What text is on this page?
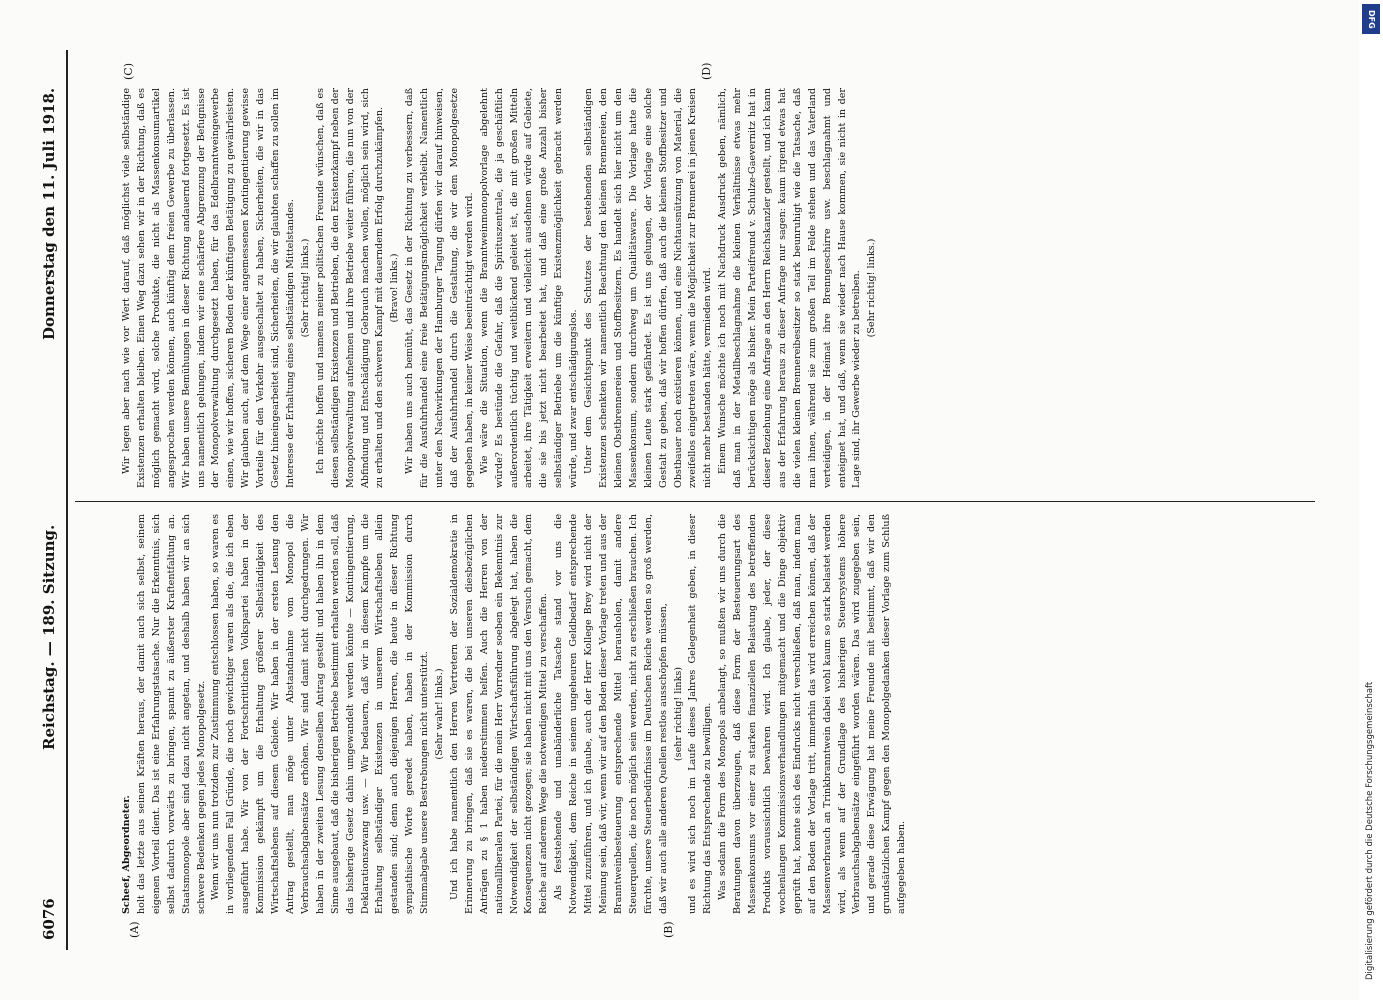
6076
Reichstag. — 189. Sitzung.
Donnerstag den 11. Juli 1918.
(A)	(B)
(C)	(D)

Scheef, Abgeordneter. holt das letzte aus seinen Kräften heraus, der damit auch sich selbst, seinem eigenen Vorteil dient. Das ist eine Erfahrungstatsache. Nur die Erkenntnis, sich selbst dadurch vorwärts zu bringen, spannt zu äußerster Kraftentfaltung an. Staatsmonopole aber sind dazu nicht angetan, und deshalb haben wir an sich schwere Bedenken gegen jedes Monopolgesetz. Wenn wir uns nun trotzdem zur Zustimmung entschlossen haben, so waren es in vorliegendem Fall Gründe, die noch gewichtiger waren als die, die ich eben ausgeführt habe. Wir von der Fortschrittlichen Volkspartei haben in der Kommission gekämpft um die Erhaltung größerer Selbständigkeit des Wirtschaftslebens auf diesem Gebiete. Wir haben in der ersten Lesung den Antrag gestellt, man möge unter Abstandnahme vom Monopol die Verbrauchsabgabensätze erhöhen. Wir sind damit nicht durchgedrungen. Wir haben in der zweiten Lesung denselben Antrag gestellt und haben ihn in dem Sinne ausgebaut, daß die bisherigen Betriebe bestimmt erhalten werden soll, daß das bisherige Gesetz dahin umgewandelt werden könnte — Kontingentierung, Deklarationszwang usw. — Wir bedauern, daß wir in diesem Kampfe um die Erhaltung selbständiger Existenzen in unserem Wirtschaftsleben allein gestanden sind; denn auch diejenigen Herren, die heute in dieser Richtung sympathische Worte geredet haben, haben in der Kommission durch Stimmabgabe unsere Bestrebungen nicht unterstützt. (Sehr wahr! links.) Und ich habe namentlich den Herren Vertretern der Sozialdemokratie in Erinnerung zu bringen, daß sie es waren, die bei unseren diesbezüglichen Anträgen zu § 1 haben niederstimmen helfen. Auch die Herren von der nationalliberalen Partei, für die mein Herr Vorredner soeben ein Bekenntnis zur Notwendigkeit der selbständigen Wirtschaftsführung abgelegt hat, haben die Konsequenzen nicht gezogen; sie haben nicht mit uns den Versuch gemacht, dem Reiche auf anderem Wege die notwendigen Mittel zu verschaffen. Als feststehende und unabänderliche Tatsache stand vor uns die Notwendigkeit, dem Reiche in seinem ungeheuren Geldbedarf entsprechende Mittel zuzuführen, und ich glaube, auch der Herr Kollege Brey wird nicht der Meinung sein, daß wir, wenn wir auf den Boden dieser Vorlage treten und aus der Branntweinbesteuerung entsprechende Mittel herausholen, damit andere Steuerquellen, die noch möglich sein werden, nicht zu erschließen brauchen. Ich fürchte, unsere Steuerbedürfnisse im Deutschen Reiche werden so groß werden, daß wir auch alle anderen Quellen restlos ausschöpfen müssen, (sehr richtig! links) und es wird sich noch im Laufe dieses Jahres Gelegenheit geben, in dieser Richtung das Entsprechende zu bewilligen. Was sodann die Form des Monopols anbelangt, so mußten wir uns durch die Beratungen davon überzeugen, daß diese Form der Besteuerungsart des Massenkonsums vor einer zu starken finanziellen Belastung des betreffenden Produkts voraussichtlich bewahren wird. Ich glaube, jeder, der diese wochenlangen Kommissionsverhandlungen mitgemacht und die Dinge objektiv geprüft hat, konnte sich des Eindrucks nicht verschließen, daß man, indem man auf den Boden der Vorlage tritt, immerhin das wird erreichen können, daß der Massenverbrauch an Trinkbranntwein dabei wohl kaum so stark belastet werden wird, als wenn auf der Grundlage des bisherigen Steuersystems höhere Verbrauchsabgabensätze eingeführt worden wären. Das wird zugegeben sein, und gerade diese Erwägung hat meine Freunde mit bestimmt, daß wir den grundsätzlichen Kampf gegen den Monopolgedanken dieser Vorlage zum Schluß aufgegeben haben.

Wir legen aber nach wie vor Wert darauf, daß möglichst viele selbständige Existenzen erhalten bleiben. Einen Weg dazu sehen wir in der Richtung, daß es möglich gemacht wird, solche Produkte, die nicht als Massenkonsumartikel angesprochen werden können, auch künftig dem freien Gewerbe zu überlassen. Wir haben unsere Bemühungen in dieser Richtung andauernd fortgesetzt. Es ist uns namentlich gelungen, indem wir eine schärfere Abgrenzung der Befugnisse der Monopolverwaltung durchgesetzt haben, für das Edelbranntweingewerbe einen, wie wir hoffen, sicheren Boden der künftigen Betätigung zu gewährleisten. Wir glauben auch, auf dem Wege einer angemessenen Kontingentierung gewisse Vorteile für den Verkehr ausgeschaltet zu haben, Sicherheiten, die wir in das Gesetz hineingearbeitet sind, Sicherheiten, die wir glaubten schaffen zu sollen im Interesse der Erhaltung eines selbständigen Mittelstandes. (Sehr richtig! links.) Ich möchte hoffen und namens meiner politischen Freunde wünschen, daß es diesen selbständigen Existenzen und Betrieben, die den Existenzkampf neben der Monopolverwaltung aufnehmen und ihre Betriebe weiter führen, die nun von der Abfindung und Entschädigung Gebrauch machen wollen, möglich sein wird, sich zu erhalten und den schweren Kampf mit dauerndem Erfolg durchzukämpfen. (Bravo! links.) Wir haben uns auch bemüht, das Gesetz in der Richtung zu verbessern, daß für die Ausfuhrhandel eine freie Betätigungsmöglichkeit verbleibt. Namentlich unter den Nachwirkungen der Hamburger Tagung dürfen wir darauf hinweisen, daß der Ausfuhrhandel durch die Gestaltung, die wir dem Monopolgesetze gegeben haben, in keiner Weise beeinträchtigt werden wird. Wie wäre die Situation, wenn die Branntweinmonopolvorlage abgelehnt würde? Es bestünde die Gefahr, daß die Spirituszentrale, die ja geschäftlich außerordentlich tüchtig und weitblickend geleitet ist, die mit großen Mitteln arbeitet, ihre Tätigkeit erweitern und vielleicht ausdehnen würde auf Gebiete, die sie bis jetzt nicht bearbeitet hat, und daß eine große Anzahl bisher selbständiger Betriebe um die künftige Existenzmöglichkeit gebracht werden würde, und zwar entschädigungslos. Unter dem Gesichtspunkt des Schutzes der bestehenden selbständigen Existenzen schenkten wir namentlich Beachtung den kleinen Brennereien, den kleinen Obstbrennereien und Stoffbesitzern. Es handelt sich hier nicht um den Massenkonsum, sondern durchweg um Qualitätsware. Die Vorlage hatte die kleinen Leute stark gefährdet. Es ist uns gelungen, der Vorlage eine solche Gestalt zu geben, daß wir hoffen dürfen, daß auch die kleinen Stoffbesitzer und Obstbauer noch existieren können, und eine Nichtausnützung von Material, die zweifellos eingetreten wäre, wenn die Möglichkeit zur Brennerei in jenen Kreisen nicht mehr bestanden hätte, vermieden wird. Einem Wunsche möchte ich noch mit Nachdruck Ausdruck geben, nämlich, daß man in der Metallbeschlagnahme die kleinen Verhältnisse etwas mehr berücksichtigen möge als bisher. Mein Parteifreund v. Schulze-Gaevernitz hat in dieser Beziehung eine Anfrage an den Herrn Reichskanzler gestellt, und ich kann aus der Erfahrung heraus zu dieser Anfrage nur sagen: kaum irgend etwas hat die vielen kleinen Brennereibesitzer so stark beunruhigt wie die Tatsache, daß man ihnen, während sie zum großen Teil im Felde stehen und das Vaterland verteidigen, in der Heimat ihre Brenngeschirre usw. beschlagnahmt und enteignet hat, und daß, wenn sie wieder nach Hause kommen, sie nicht in der Lage sind, ihr Gewerbe wieder zu betreiben. (Sehr richtig! links.)

DFG
Digitalisierung gefördert durch die Deutsche Forschungsgemeinschaft
